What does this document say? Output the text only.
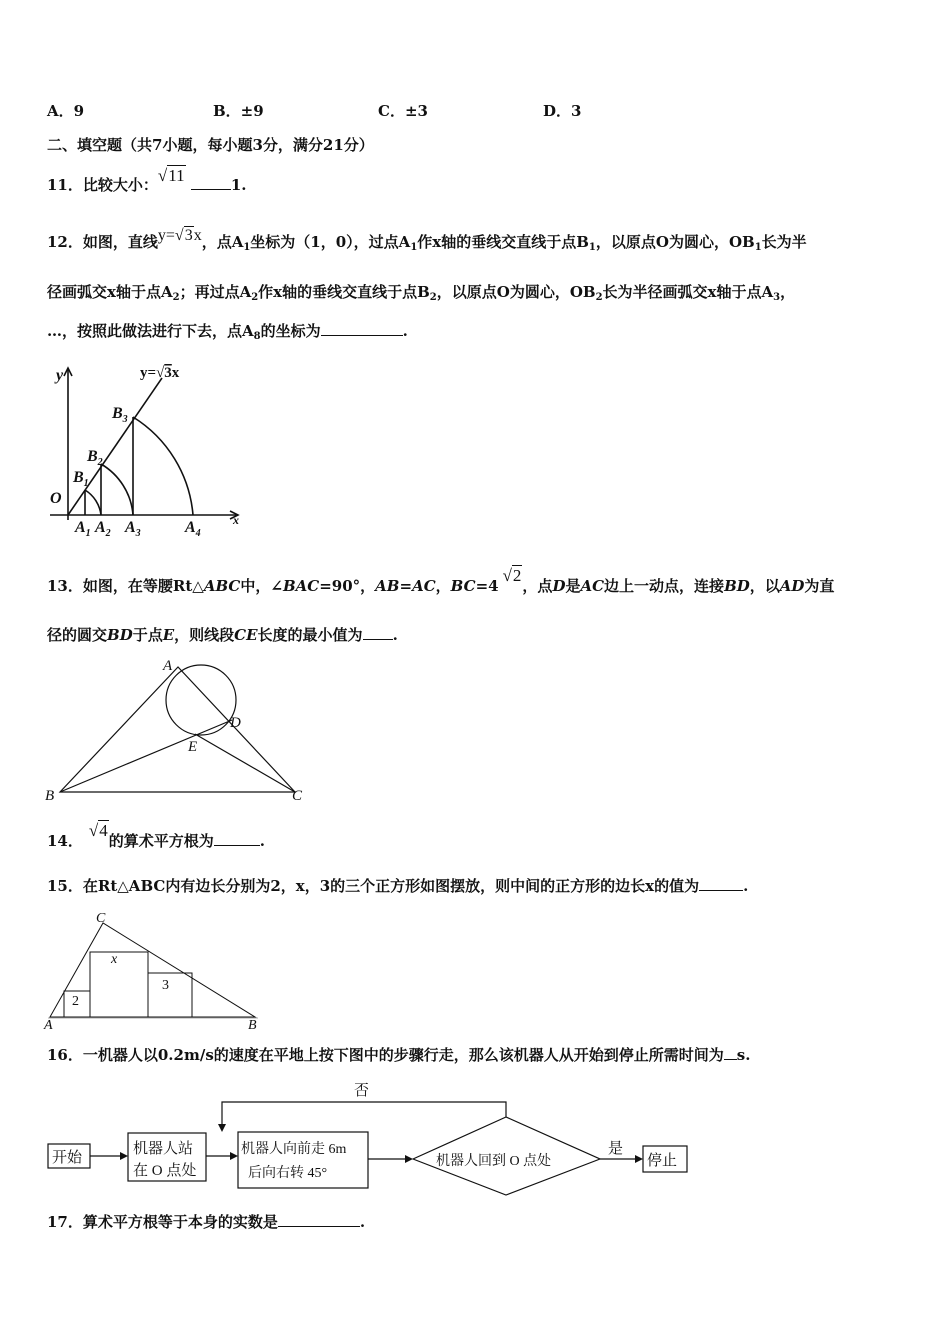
A．9	B．±9	C．±3	D．3
二、填空题（共7小题，每小题3分，满分21分）
11．比较大小：√11	1.
12．如图，直线y=√3x，点$A_1$坐标为（1，0），过点$A_1$作x轴的垂线交直线于点$B_1$，以原点O为圆心，$OB_1$长为半
径画弧交x轴于点$A_2$；再过点$A_2$作x轴的垂线交直线于点$B_2$，以原点O为圆心，$OB_2$长为半径画弧交x轴于点$A_3$，
…，按照此做法进行下去，点$A_8$的坐标为	.
y	y=√3x
O
$B_1$
$B_2$
$B_3$
$A_1$ $A_2$ $A_3$	$A_4$
x
13．如图，在等腰Rt△ABC中，∠BAC=90°，AB=AC，BC=4√2，点D是AC边上一动点，连接BD，以AD为直
径的圆交BD于点E，则线段CE长度的最小值为 .
A
B	C
D
E
14．√4的算术平方根为	.
15．在Rt△ABC内有边长分别为2，x，3的三个正方形如图摆放，则中间的正方形的边长x的值为	.
C
A	B
2
x
3
16．一机器人以0.2m/s的速度在平地上按下图中的步骤行走，那么该机器人从开始到停止所需时间为 s.
开始
机器人站
在 O 点处
机器人向前走 6m
后向右转 45°
机器人回到 O 点处
是
否
停止
17．算术平方根等于本身的实数是	.
